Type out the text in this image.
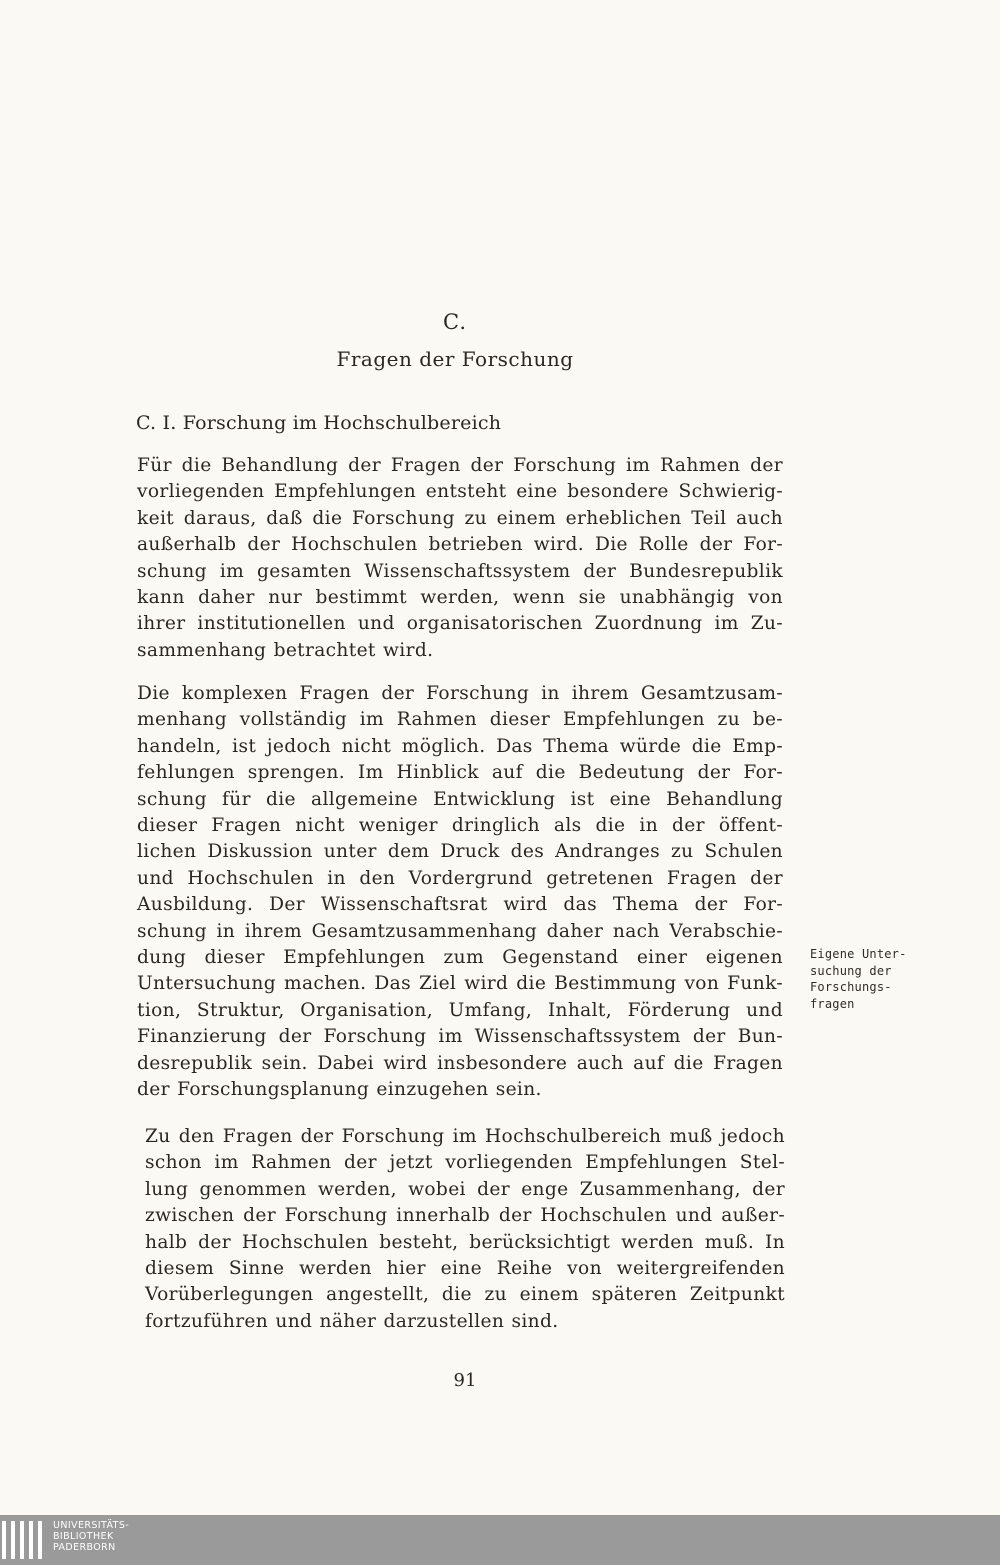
C.
Fragen der Forschung
C. I. Forschung im Hochschulbereich
Für die Behandlung der Fragen der Forschung im Rahmen der
vorliegenden Empfehlungen entsteht eine besondere Schwierig-
keit daraus, daß die Forschung zu einem erheblichen Teil auch
außerhalb der Hochschulen betrieben wird. Die Rolle der For-
schung im gesamten Wissenschaftssystem der Bundesrepublik
kann daher nur bestimmt werden, wenn sie unabhängig von
ihrer institutionellen und organisatorischen Zuordnung im Zu-
sammenhang betrachtet wird.
Die komplexen Fragen der Forschung in ihrem Gesamtzusam-
menhang vollständig im Rahmen dieser Empfehlungen zu be-
handeln, ist jedoch nicht möglich. Das Thema würde die Emp-
fehlungen sprengen. Im Hinblick auf die Bedeutung der For-
schung für die allgemeine Entwicklung ist eine Behandlung
dieser Fragen nicht weniger dringlich als die in der öffent-
lichen Diskussion unter dem Druck des Andranges zu Schulen
und Hochschulen in den Vordergrund getretenen Fragen der
Ausbildung. Der Wissenschaftsrat wird das Thema der For-
schung in ihrem Gesamtzusammenhang daher nach Verabschie-
dung dieser Empfehlungen zum Gegenstand einer eigenen
Untersuchung machen. Das Ziel wird die Bestimmung von Funk-
tion, Struktur, Organisation, Umfang, Inhalt, Förderung und
Finanzierung der Forschung im Wissenschaftssystem der Bun-
desrepublik sein. Dabei wird insbesondere auch auf die Fragen
der Forschungsplanung einzugehen sein.
Eigene Unter-
suchung der
Forschungs-
fragen
Zu den Fragen der Forschung im Hochschulbereich muß jedoch
schon im Rahmen der jetzt vorliegenden Empfehlungen Stel-
lung genommen werden, wobei der enge Zusammenhang, der
zwischen der Forschung innerhalb der Hochschulen und außer-
halb der Hochschulen besteht, berücksichtigt werden muß. In
diesem Sinne werden hier eine Reihe von weitergreifenden
Vorüberlegungen angestellt, die zu einem späteren Zeitpunkt
fortzuführen und näher darzustellen sind.
91
UNIVERSITÄTS-
BIBLIOTHEK
PADERBORN
